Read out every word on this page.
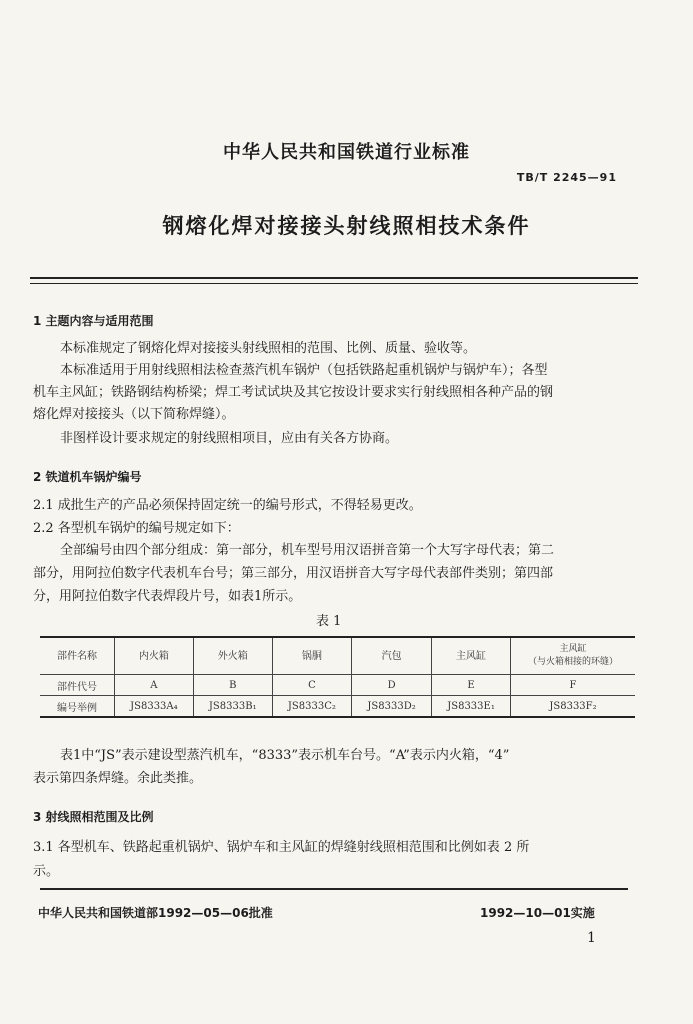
中华人民共和国铁道行业标准
TB/T 2245—91
钢熔化焊对接接头射线照相技术条件
1 主题内容与适用范围
本标准规定了钢熔化焊对接接头射线照相的范围、比例、质量、验收等。
本标准适用于用射线照相法检查蒸汽机车锅炉（包括铁路起重机锅炉与锅炉车）；各型
机车主风缸；铁路钢结构桥梁；焊工考试试块及其它按设计要求实行射线照相各种产品的钢
熔化焊对接接头（以下简称焊缝）。
非图样设计要求规定的射线照相项目，应由有关各方协商。
2 铁道机车锅炉编号
2.1 成批生产的产品必须保持固定统一的编号形式，不得轻易更改。
2.2 各型机车锅炉的编号规定如下：
全部编号由四个部分组成：第一部分，机车型号用汉语拼音第一个大写字母代表；第二
部分，用阿拉伯数字代表机车台号；第三部分，用汉语拼音大写字母代表部件类别；第四部
分，用阿拉伯数字代表焊段片号，如表1所示。
表 1
部件名称	内火箱	外火箱	锅胴	汽包	主风缸	主风缸
（与火箱相接的环缝）
部件代号	A	B	C	D	E	F
编号举例	JS8333A₄	JS8333B₁	JS8333C₂	JS8333D₂	JS8333E₁	JS8333F₂
表1中“JS”表示建设型蒸汽机车，“8333”表示机车台号。“A”表示内火箱，“4”
表示第四条焊缝。余此类推。
3 射线照相范围及比例
3.1 各型机车、铁路起重机锅炉、锅炉车和主风缸的焊缝射线照相范围和比例如表 2 所
示。
中华人民共和国铁道部1992—05—06批准	1992—10—01实施
1
